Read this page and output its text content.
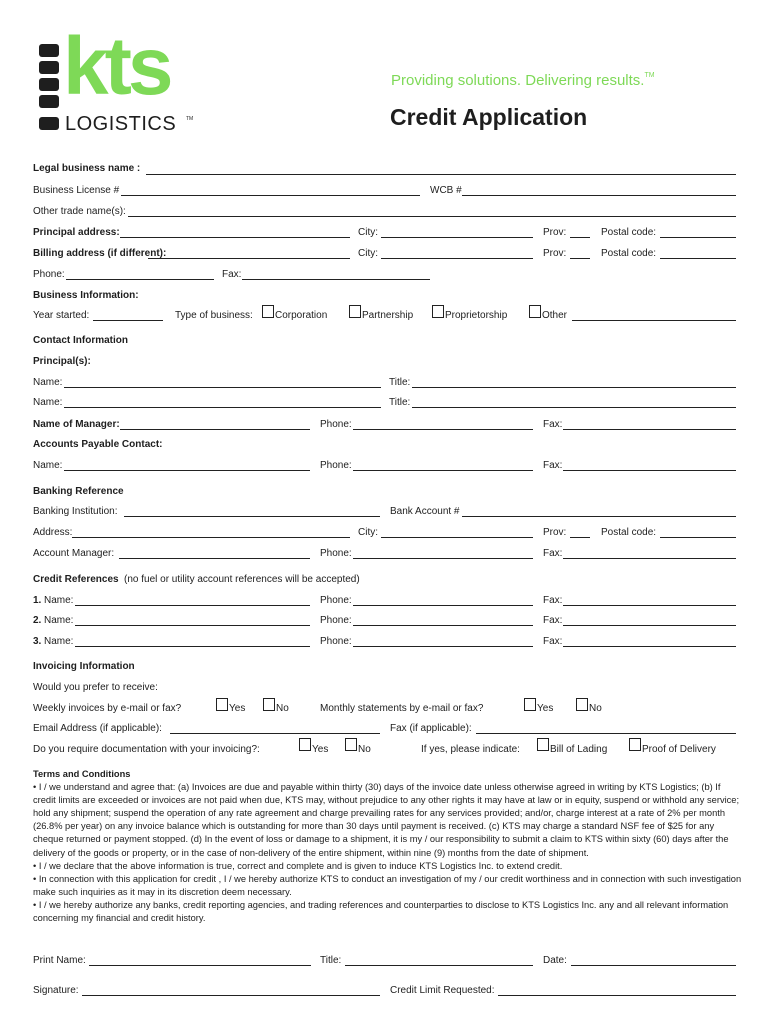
kts
LOGISTICS TM
Providing solutions. Delivering results.™
Credit Application
Legal business name :
Business License #	WCB #
Other trade name(s):
Principal address:	City:	Prov:	Postal code:
Billing address (if different):	City:	Prov:	Postal code:
Phone:	Fax:
Business Information:
Year started:	Type of business: Corporation	Partnership	Proprietorship	Other
Contact Information
Principal(s):
Name:	Title:
Name:	Title:
Name of Manager:	Phone:	Fax:
Accounts Payable Contact:
Name:	Phone:	Fax:
Banking Reference
Banking Institution:	Bank Account #
Address:	City:	Prov:	Postal code:
Account Manager:	Phone:	Fax:
Credit References (no fuel or utility account references will be accepted)
1. Name:	Phone:	Fax:
2. Name:	Phone:	Fax:
3. Name:	Phone:	Fax:
Invoicing Information
Would you prefer to receive:
Weekly invoices by e-mail or fax?	Yes	No	Monthly statements by e-mail or fax?	Yes	No
Email Address (if applicable):	Fax (if applicable):
Do you require documentation with your invoicing?:	Yes	No	If yes, please indicate:	Bill of Lading	Proof of Delivery

Terms and Conditions

• I / we understand and agree that: (a) Invoices are due and payable within thirty (30) days of the invoice date unless otherwise agreed in writing by KTS Logistics; (b) If credit limits are exceeded or invoices are not paid when due, KTS may, without prejudice to any other rights it may have at law or in equity, suspend or withhold any service; hold any shipment; suspend the operation of any rate agreement and charge prevailing rates for any services provided; and/or, charge interest at a rate of 2% per month (26.8% per year) on any invoice balance which is outstanding for more than 30 days until payment is received. (c) KTS may charge a standard NSF fee of $25 for any cheque returned or payment stopped. (d) In the event of loss or damage to a shipment, it is my / our responsibility to submit a claim to KTS within sixty (60) days after the delivery of the goods or property, or in the case of non-delivery of the entire shipment, within nine (9) months from the date of shipment.

• I / we declare that the above information is true, correct and complete and is given to induce KTS Logistics Inc. to extend credit.

• In connection with this application for credit , I / we hereby authorize KTS to conduct an investigation of my / our credit worthiness and in connection with such investigation make such inquiries as it may in its discretion deem necessary.

• I / we hereby authorize any banks, credit reporting agencies, and trading references and counterparties to disclose to KTS Logistics Inc. any and all relevant information concerning my financial and credit history.

Print Name:	Title:	Date:
Signature:	Credit Limit Requested:
